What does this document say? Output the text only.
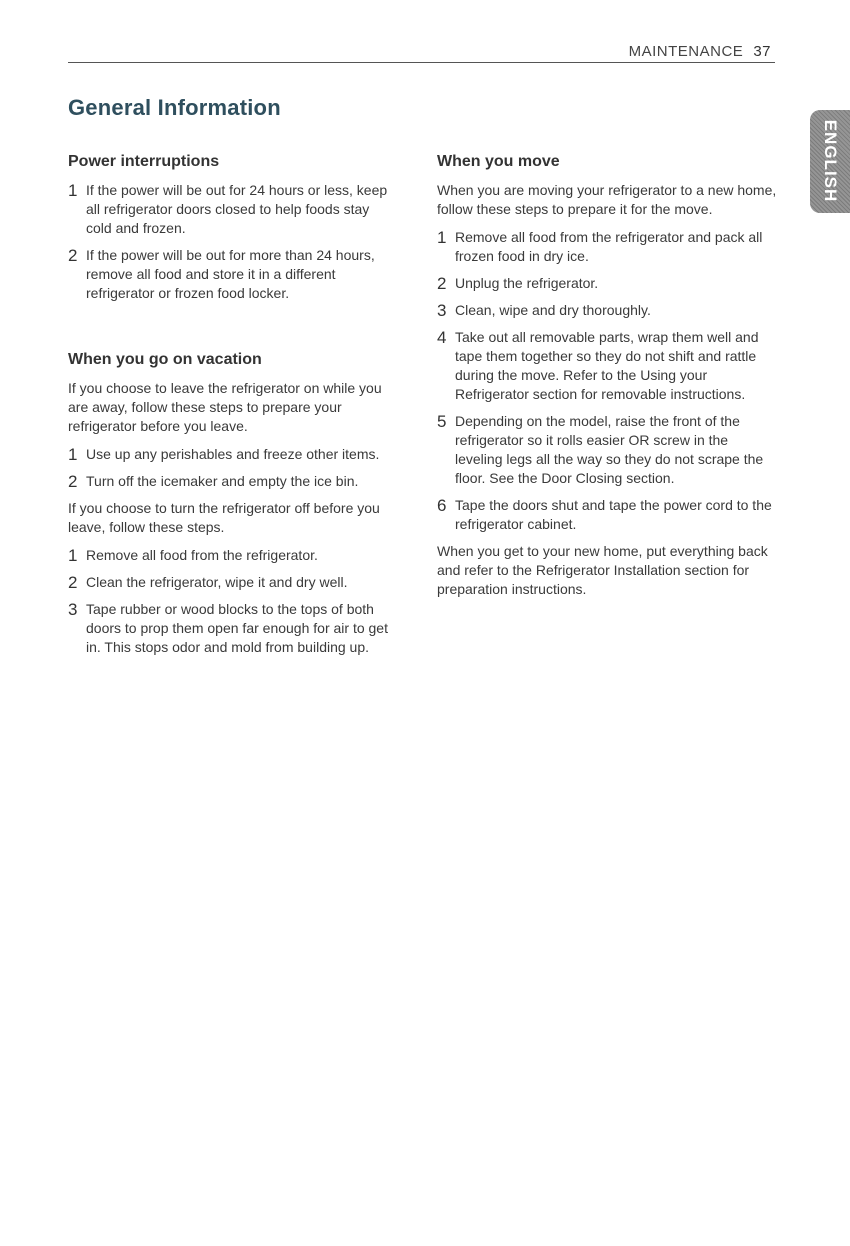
MAINTENANCE 37
ENGLISH
General Information
Power interruptions
1 If the power will be out for 24 hours or less, keep all refrigerator doors closed to help foods stay cold and frozen.
2 If the power will be out for more than 24 hours, remove all food and store it in a different refrigerator or frozen food locker.
When you go on vacation

If you choose to leave the refrigerator on while you are away, follow these steps to prepare your refrigerator before you leave.

1 Use up any perishables and freeze other items.
2 Turn off the icemaker and empty the ice bin.

If you choose to turn the refrigerator off before you leave, follow these steps.

1 Remove all food from the refrigerator.
2 Clean the refrigerator, wipe it and dry well.
3 Tape rubber or wood blocks to the tops of both doors to prop them open far enough for air to get in. This stops odor and mold from building up.
When you move

When you are moving your refrigerator to a new home, follow these steps to prepare it for the move.

1 Remove all food from the refrigerator and pack all frozen food in dry ice.
2 Unplug the refrigerator.
3 Clean, wipe and dry thoroughly.
4 Take out all removable parts, wrap them well and tape them together so they do not shift and rattle during the move. Refer to the Using your Refrigerator section for removable instructions.
5 Depending on the model, raise the front of the refrigerator so it rolls easier OR screw in the leveling legs all the way so they do not scrape the floor. See the Door Closing section.
6 Tape the doors shut and tape the power cord to the refrigerator cabinet.

When you get to your new home, put everything back and refer to the Refrigerator Installation section for preparation instructions.
